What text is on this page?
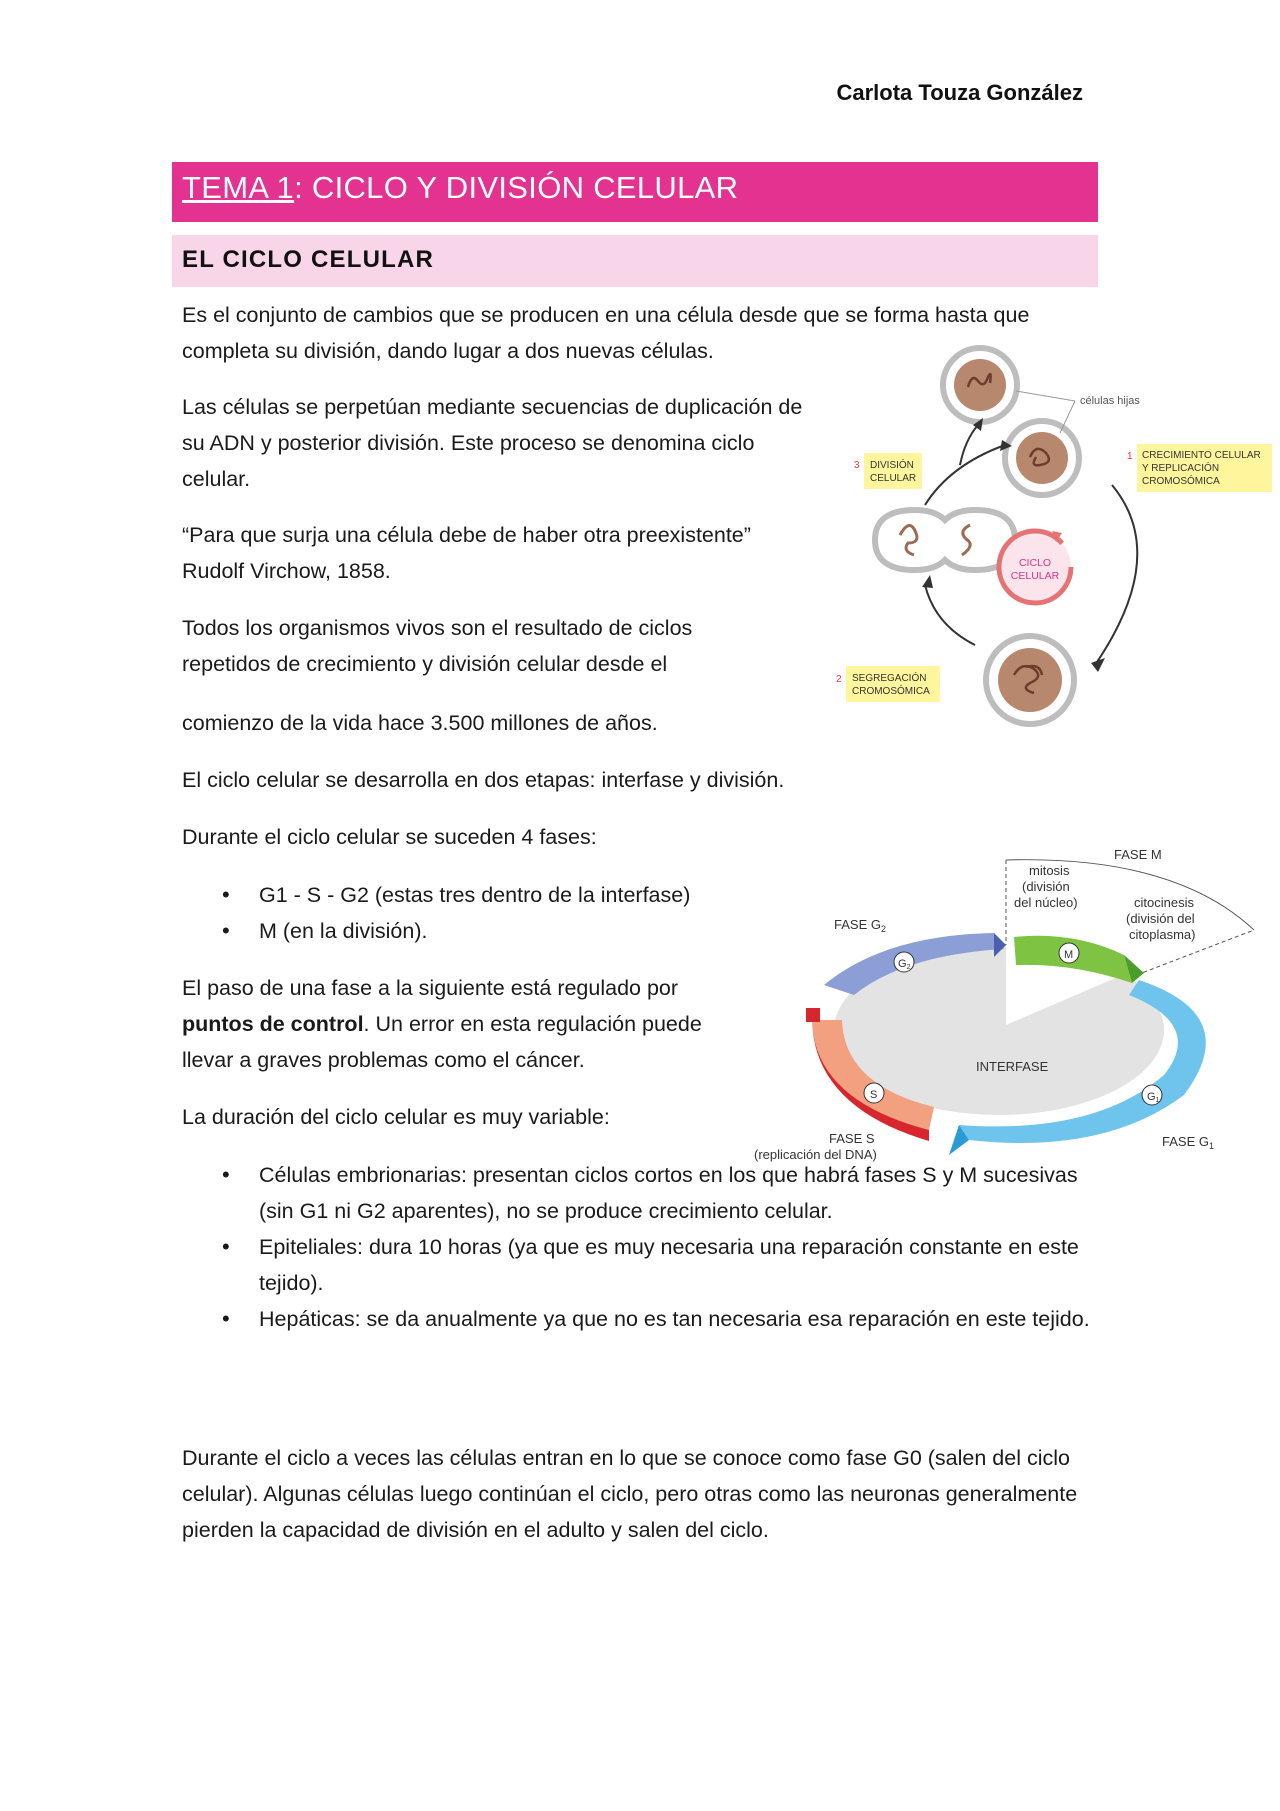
Carlota Touza González
TEMA 1: CICLO Y DIVISIÓN CELULAR
EL CICLO CELULAR

Es el conjunto de cambios que se producen en una célula desde que se forma hasta que completa su división, dando lugar a dos nuevas células.

Las células se perpetúan mediante secuencias de duplicación de su ADN y posterior división. Este proceso se denomina ciclo celular.

“Para que surja una célula debe de haber otra preexistente”

Rudolf Virchow, 1858.

Todos los organismos vivos son el resultado de ciclos repetidos de crecimiento y división celular desde el

comienzo de la vida hace 3.500 millones de años.

El ciclo celular se desarrolla en dos etapas: interfase y división.

Durante el ciclo celular se suceden 4 fases:

• G1 - S - G2 (estas tres dentro de la interfase)
• M (en la división).

El paso de una fase a la siguiente está regulado por puntos de control. Un error en esta regulación puede llevar a graves problemas como el cáncer.

La duración del ciclo celular es muy variable:

• Células embrionarias: presentan ciclos cortos en los que habrá fases S y M sucesivas (sin G1 ni G2 aparentes), no se produce crecimiento celular.
• Epiteliales: dura 10 horas (ya que es muy necesaria una reparación constante en este tejido).
• Hepáticas: se da anualmente ya que no es tan necesaria esa reparación en este tejido.

Durante el ciclo a veces las células entran en lo que se conoce como fase G0 (salen del ciclo celular). Algunas células luego continúan el ciclo, pero otras como las neuronas generalmente pierden la capacidad de división en el adulto y salen del ciclo.

células hijas
CICLO
CELULAR
1 CRECIMIENTO CELULAR
Y REPLICACIÓN
CROMOSÓMICA
3 DIVISIÓN
CELULAR
2 SEGREGACIÓN
CROMOSÓMICA
FASE M
mitosis
(división
del núcleo)	citocinesis
(división del
citoplasma)
INTERFASE
G1
FASE $G_1$
M
G2
FASE $G_2$
S
FASE S
(replicación del DNA)
